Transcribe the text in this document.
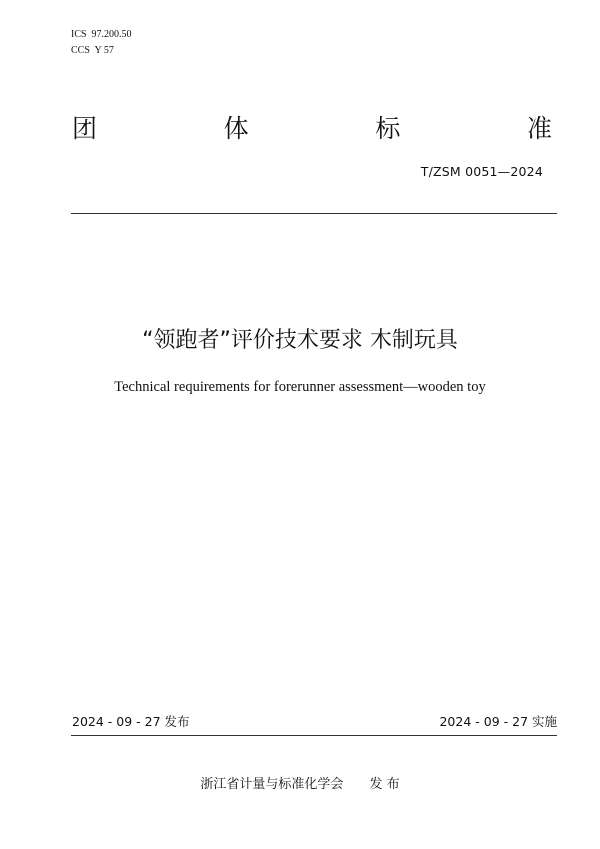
ICS  97.200.50
CCS  Y 57
团	体	标	准
T/ZSM 0051—2024
“领跑者”评价技术要求 木制玩具
Technical requirements for forerunner assessment—wooden toy
2024 - 09 - 27 发布	2024 - 09 - 27 实施
浙江省计量与标准化学会 发 布
